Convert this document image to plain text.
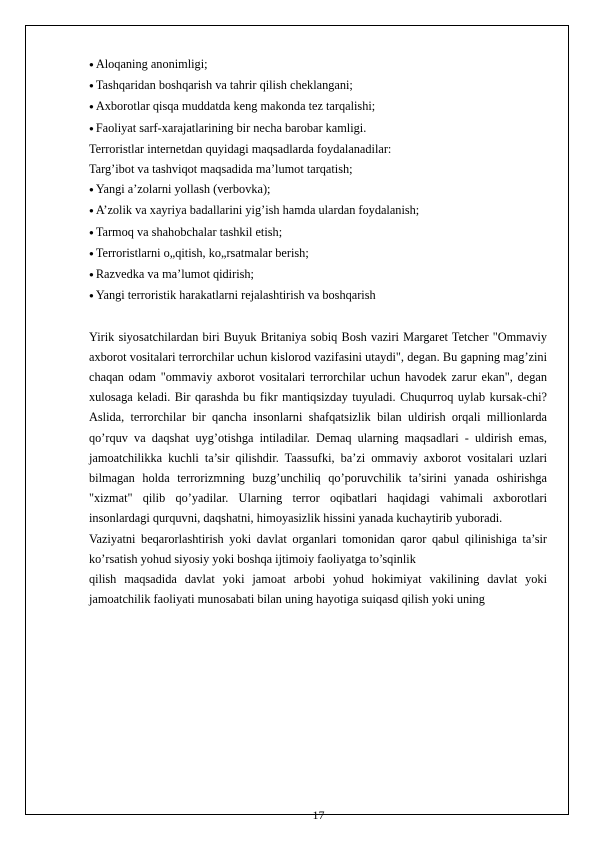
● Aloqaning anonimligi;

● Tashqaridan boshqarish va tahrir qilish cheklangani;

● Axborotlar qisqa muddatda keng makonda tez tarqalishi;

● Faoliyat sarf-xarajatlarining bir necha barobar kamligi.

Terroristlar internetdan quyidagi maqsadlarda foydalanadilar:

Targ’ibot va tashviqot maqsadida ma’lumot tarqatish;

● Yangi a’zolarni yollash (verbovka);

● A’zolik va xayriya badallarini yig’ish hamda ulardan foydalanish;

● Tarmoq va shahobchalar tashkil etish;

● Terroristlarni o„qitish, ko„rsatmalar berish;

● Razvedka va ma’lumot qidirish;

● Yangi terroristik harakatlarni rejalashtirish va boshqarish

Yirik siyosatchilardan biri Buyuk Britaniya sobiq Bosh vaziri Margaret Tetcher "Ommaviy axborot vositalari terrorchilar uchun kislorod vazifasini utaydi", degan. Bu gapning mag’zini chaqan odam "ommaviy axborot vositalari terrorchilar uchun havodek zarur ekan", degan xulosaga keladi. Bir qarashda bu fikr mantiqsizday tuyuladi. Chuqurroq uylab kursak-chi? Aslida, terrorchilar bir qancha insonlarni shafqatsizlik bilan uldirish orqali millionlarda qo’rquv va daqshat uyg’otishga intiladilar. Demaq ularning maqsadlari - uldirish emas, jamoatchilikka kuchli ta’sir qilishdir. Taassufki, ba’zi ommaviy axborot vositalari uzlari bilmagan holda terrorizmning buzg’unchiliq qo’poruvchilik ta’sirini yanada oshirishga "xizmat" qilib qo’yadilar. Ularning terror oqibatlari haqidagi vahimali axborotlari insonlardagi qurquvni, daqshatni, himoyasizlik hissini yanada kuchaytirib yuboradi.

Vaziyatni beqarorlashtirish yoki davlat organlari tomonidan qaror qabul qilinishiga ta’sir ko’rsatish yohud siyosiy yoki boshqa ijtimoiy faoliyatga to’sqinlik

qilish maqsadida davlat yoki jamoat arbobi yohud hokimiyat vakilining davlat yoki jamoatchilik faoliyati munosabati bilan uning hayotiga suiqasd qilish yoki uning

17
